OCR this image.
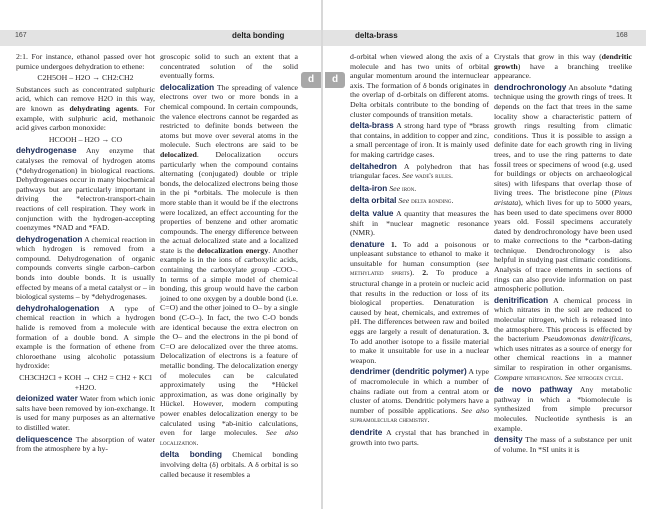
167	delta bonding

2:1. For instance, ethanol passed over hot pumice undergoes dehydration to ethene:

C2H5OH – H2O → CH2:CH2

Substances such as concentrated sulphuric acid, which can remove H2O in this way, are known as dehydrating agents. For example, with sulphuric acid, methanoic acid gives carbon monoxide:

HCOOH – H2O → CO

dehydrogenase Any enzyme that catalyses the removal of hydrogen atoms (*dehydrogenation) in biological reactions. Dehydrogenases occur in many biochemical pathways but are particularly important in driving the *electron-transport-chain reactions of cell respiration. They work in conjunction with the hydrogen-accepting coenzymes *NAD and *FAD.

dehydrogenation A chemical reaction in which hydrogen is removed from a compound. Dehydrogenation of organic compounds converts single carbon–carbon bonds into double bonds. It is usually effected by means of a metal catalyst or – in biological systems – by *dehydrogenases.

dehydrohalogenation A type of chemical reaction in which a hydrogen halide is removed from a molecule with formation of a double bond. A simple example is the formation of ethene from chloroethane using alcoholic potassium hydroxide:

CH3CH2Cl + KOH → CH2 = CH2 + KCl +H2O.

deionized water Water from which ionic salts have been removed by ion-exchange. It is used for many purposes as an alternative to distilled water.

deliquescence The absorption of water from the atmosphere by a hy-

groscopic solid to such an extent that a concentrated solution of the solid eventually forms.

delocalization The spreading of valence electrons over two or more bonds in a chemical compound. In certain compounds, the valence electrons cannot be regarded as restricted to definite bonds between the atoms but move over several atoms in the molecule. Such electrons are said to be delocalized. Delocalization occurs particularly when the compound contains alternating (conjugated) double or triple bonds, the delocalized electrons being those in the pi *orbitals. The molecule is then more stable than it would be if the electrons were localized, an effect accounting for the properties of benzene and other aromatic compounds. The energy difference between the actual delocalized state and a localized state is the delocalization energy. Another example is in the ions of carboxylic acids, containing the carboxylate group -COO–. In terms of a simple model of chemical bonding, this group would have the carbon joined to one oxygen by a double bond (i.e. C=O) and the other joined to O– by a single bond (C-O–). In fact, the two C-O bonds are identical because the extra electron on the O– and the electrons in the pi bond of C=O are delocalized over the three atoms. Delocalization of electrons is a feature of metallic bonding. The delocalization energy of molecules can be calculated approximately using the *Hückel approximation, as was done originally by Hückel. However, modern computing power enables delocalization energy to be calculated using *ab-initio calculations, even for large molecules. See also localization.

delta bonding Chemical bonding involving delta (δ) orbitals. A δ orbital is so called because it resembles a

d
delta-brass	168

d-orbital when viewed along the axis of a molecule and has two units of orbital angular momentum around the internuclear axis. The formation of δ bonds originates in the overlap of d-orbitals on different atoms. Delta orbitals contribute to the bonding of cluster compounds of transition metals.

delta-brass A strong hard type of *brass that contains, in addition to copper and zinc, a small percentage of iron. It is mainly used for making cartridge cases.

deltahedron A polyhedron that has triangular faces. See wade's rules.

delta-iron See iron.

delta orbital See delta bonding.

delta value A quantity that measures the shift in *nuclear magnetic resonance (NMR).

denature 1. To add a poisonous or unpleasant substance to ethanol to make it unsuitable for human consumption (see methylated spirits). 2. To produce a structural change in a protein or nucleic acid that results in the reduction or loss of its biological properties. Denaturation is caused by heat, chemicals, and extremes of pH. The differences between raw and boiled eggs are largely a result of denaturation. 3. To add another isotope to a fissile material to make it unsuitable for use in a nuclear weapon.

dendrimer (dendritic polymer) A type of macromolecule in which a number of chains radiate out from a central atom or cluster of atoms. Dendritic polymers have a number of possible applications. See also supramolecular chemistry.

dendrite A crystal that has branched in growth into two parts.

Crystals that grow in this way (dendritic growth) have a branching treelike appearance.

dendrochronology An absolute *dating technique using the growth rings of trees. It depends on the fact that trees in the same locality show a characteristic pattern of growth rings resulting from climatic conditions. Thus it is possible to assign a definite date for each growth ring in living trees, and to use the ring patterns to date fossil trees or specimens of wood (e.g. used for buildings or objects on archaeological sites) with lifespans that overlap those of living trees. The bristlecone pine (Pinus aristata), which lives for up to 5000 years, has been used to date specimens over 8000 years old. Fossil specimens accurately dated by dendrochronology have been used to make corrections to the *carbon-dating technique. Dendrochronology is also helpful in studying past climatic conditions. Analysis of trace elements in sections of rings can also provide information on past atmospheric pollution.

denitrification A chemical process in which nitrates in the soil are reduced to molecular nitrogen, which is released into the atmosphere. This process is effected by the bacterium Pseudomonas denitrificans, which uses nitrates as a source of energy for other chemical reactions in a manner similar to respiration in other organisms. Compare nitrification. See nitrogen cycle.

de novo pathway Any metabolic pathway in which a *biomolecule is synthesized from simple precursor molecules. Nucleotide synthesis is an example.

density The mass of a substance per unit of volume. In *SI units it is

d
